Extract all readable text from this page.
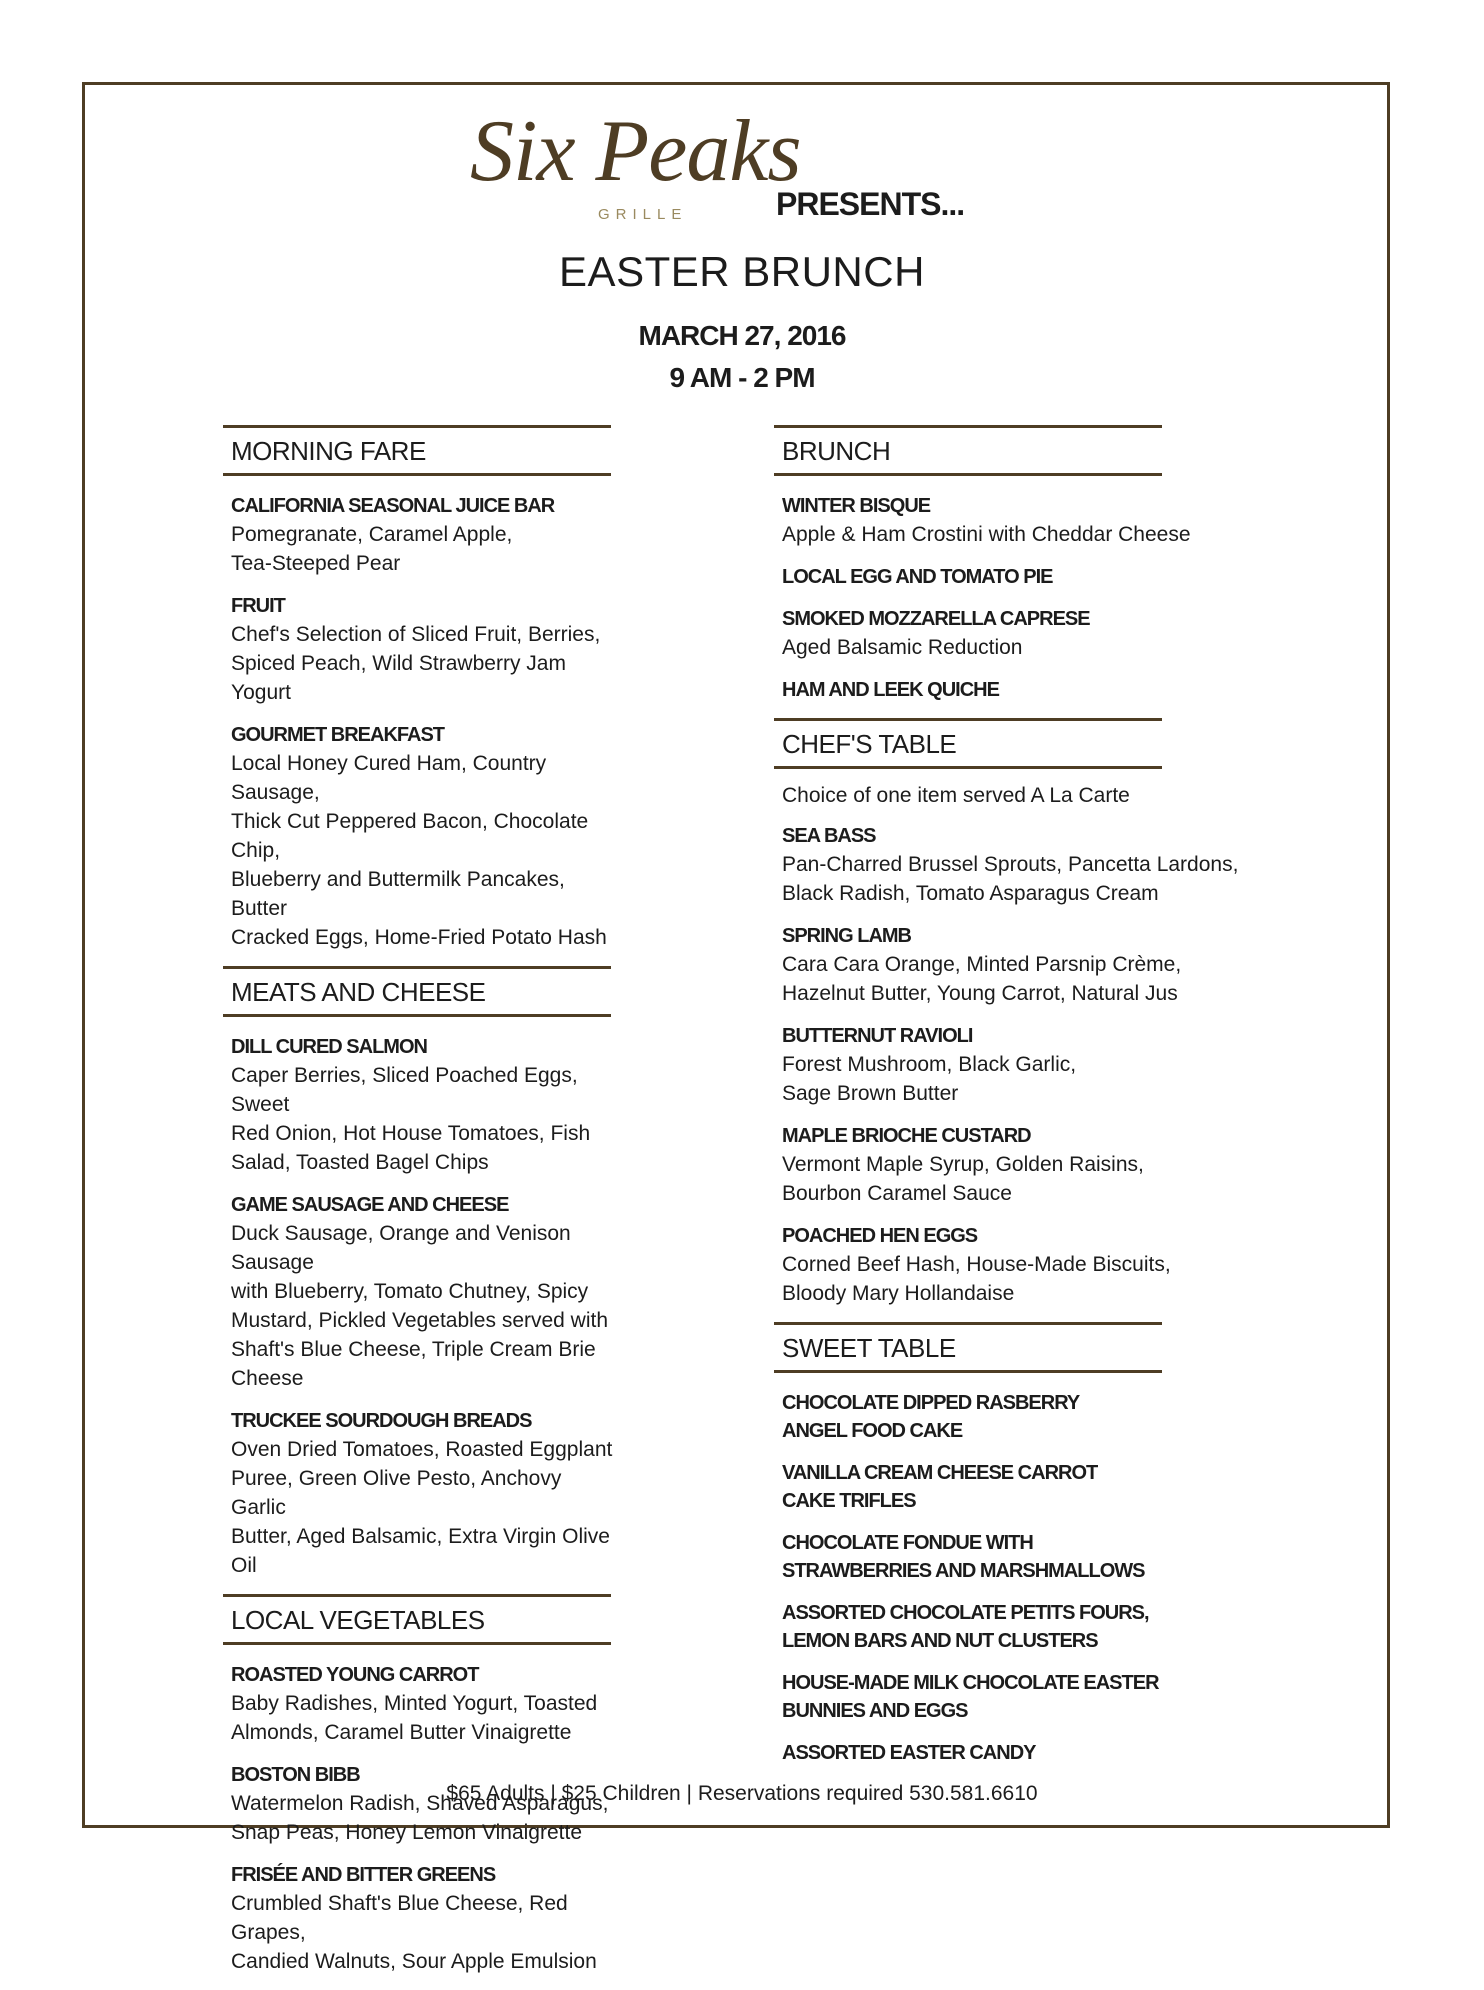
Six Peaks
GRILLE	PRESENTS...
EASTER BRUNCH
MARCH 27, 2016
9 AM - 2 PM
MORNING FARE
CALIFORNIA SEASONAL JUICE BAR
Pomegranate, Caramel Apple,
Tea-Steeped Pear
FRUIT
Chef's Selection of Sliced Fruit, Berries,
Spiced Peach, Wild Strawberry Jam Yogurt
GOURMET BREAKFAST
Local Honey Cured Ham, Country Sausage,
Thick Cut Peppered Bacon, Chocolate Chip,
Blueberry and Buttermilk Pancakes, Butter
Cracked Eggs, Home-Fried Potato Hash
MEATS AND CHEESE
DILL CURED SALMON
Caper Berries, Sliced Poached Eggs, Sweet
Red Onion, Hot House Tomatoes, Fish
Salad, Toasted Bagel Chips
GAME SAUSAGE AND CHEESE
Duck Sausage, Orange and Venison Sausage
with Blueberry, Tomato Chutney, Spicy
Mustard, Pickled Vegetables served with
Shaft's Blue Cheese, Triple Cream Brie Cheese
TRUCKEE SOURDOUGH BREADS
Oven Dried Tomatoes, Roasted Eggplant
Puree, Green Olive Pesto, Anchovy Garlic
Butter, Aged Balsamic, Extra Virgin Olive Oil
LOCAL VEGETABLES
ROASTED YOUNG CARROT
Baby Radishes, Minted Yogurt, Toasted
Almonds, Caramel Butter Vinaigrette
BOSTON BIBB
Watermelon Radish, Shaved Asparagus,
Snap Peas, Honey Lemon Vinaigrette
FRISÉE AND BITTER GREENS
Crumbled Shaft's Blue Cheese, Red Grapes,
Candied Walnuts, Sour Apple Emulsion
BRUNCH
WINTER BISQUE
Apple & Ham Crostini with Cheddar Cheese
LOCAL EGG AND TOMATO PIE
SMOKED MOZZARELLA CAPRESE
Aged Balsamic Reduction
HAM AND LEEK QUICHE
CHEF'S TABLE
Choice of one item served A La Carte
SEA BASS
Pan-Charred Brussel Sprouts, Pancetta Lardons,
Black Radish, Tomato Asparagus Cream
SPRING LAMB
Cara Cara Orange, Minted Parsnip Crème,
Hazelnut Butter, Young Carrot, Natural Jus
BUTTERNUT RAVIOLI
Forest Mushroom, Black Garlic,
Sage Brown Butter
MAPLE BRIOCHE CUSTARD
Vermont Maple Syrup, Golden Raisins,
Bourbon Caramel Sauce
POACHED HEN EGGS
Corned Beef Hash, House-Made Biscuits,
Bloody Mary Hollandaise
SWEET TABLE
CHOCOLATE DIPPED RASBERRY
ANGEL FOOD CAKE
VANILLA CREAM CHEESE CARROT
CAKE TRIFLES
CHOCOLATE FONDUE WITH
STRAWBERRIES AND MARSHMALLOWS
ASSORTED CHOCOLATE PETITS FOURS,
LEMON BARS AND NUT CLUSTERS
HOUSE-MADE MILK CHOCOLATE EASTER
BUNNIES AND EGGS
ASSORTED EASTER CANDY
$65 Adults | $25 Children | Reservations required 530.581.6610
